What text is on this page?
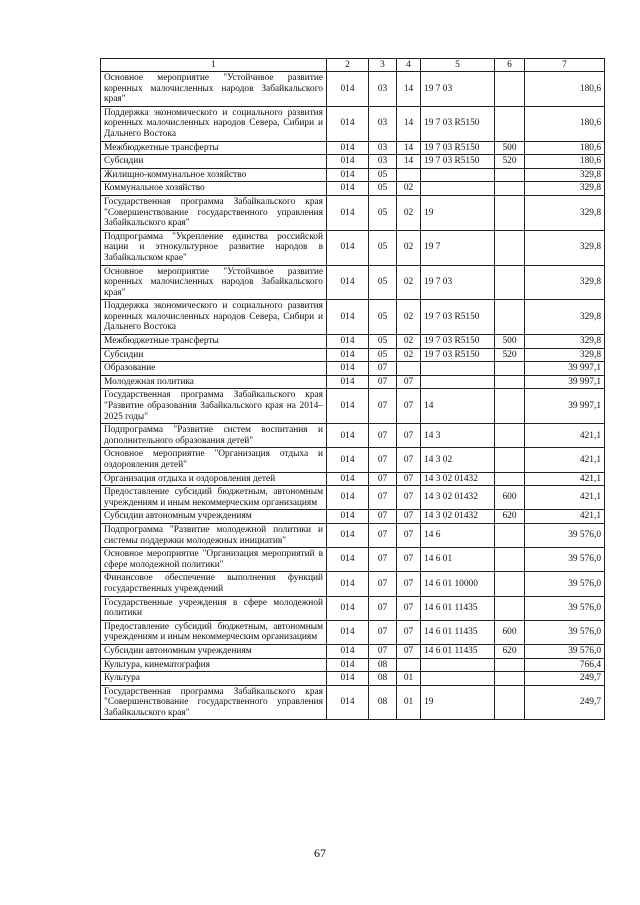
1	2	3	4	5	6	7
Основное мероприятие "Устойчивое развитие коренных малочисленных народов Забайкальского края"	014	03	14	19 7 03		180,6
Поддержка экономического и социального развития коренных малочисленных народов Севера, Сибири и Дальнего Востока	014	03	14	19 7 03 R5150		180,6
Межбюджетные трансферты	014	03	14	19 7 03 R5150	500	180,6
Субсидии	014	03	14	19 7 03 R5150	520	180,6
Жилищно-коммунальное хозяйство	014	05				329,8
Коммунальное хозяйство	014	05	02			329,8
Государственная программа Забайкальского края "Совершенствование государственного управления Забайкальского края"	014	05	02	19		329,8
Подпрограмма "Укрепление единства российской нации и этнокультурное развитие народов в Забайкальском крае"	014	05	02	19 7		329,8
Основное мероприятие "Устойчивое развитие коренных малочисленных народов Забайкальского края"	014	05	02	19 7 03		329,8
Поддержка экономического и социального развития коренных малочисленных народов Севера, Сибири и Дальнего Востока	014	05	02	19 7 03 R5150		329,8
Межбюджетные трансферты	014	05	02	19 7 03 R5150	500	329,8
Субсидии	014	05	02	19 7 03 R5150	520	329,8
Образование	014	07				39 997,1
Молодежная политика	014	07	07			39 997,1
Государственная программа Забайкальского края "Развитие образования Забайкальского края на 2014–2025 годы"	014	07	07	14		39 997,1
Подпрограмма "Развитие систем воспитания и дополнительного образования детей"	014	07	07	14 3		421,1
Основное мероприятие "Организация отдыха и оздоровления детей"	014	07	07	14 3 02		421,1
Организация отдыха и оздоровления детей	014	07	07	14 3 02 01432		421,1
Предоставление субсидий бюджетным, автономным учреждениям и иным некоммерческим организациям	014	07	07	14 3 02 01432	600	421,1
Субсидии автономным учреждениям	014	07	07	14 3 02 01432	620	421,1
Подпрограмма "Развитие молодежной политики и системы поддержки молодежных инициатив"	014	07	07	14 6		39 576,0
Основное мероприятие "Организация мероприятий в сфере молодежной политики"	014	07	07	14 6 01		39 576,0
Финансовое обеспечение выполнения функций государственных учреждений	014	07	07	14 6 01 10000		39 576,0
Государственные учреждения в сфере молодежной политики	014	07	07	14 6 01 11435		39 576,0
Предоставление субсидий бюджетным, автономным учреждениям и иным некоммерческим организациям	014	07	07	14 6 01 11435	600	39 576,0
Субсидии автономным учреждениям	014	07	07	14 6 01 11435	620	39 576,0
Культура, кинематография	014	08				766,4
Культура	014	08	01			249,7
Государственная программа Забайкальского края "Совершенствование государственного управления Забайкальского края"	014	08	01	19		249,7
67
